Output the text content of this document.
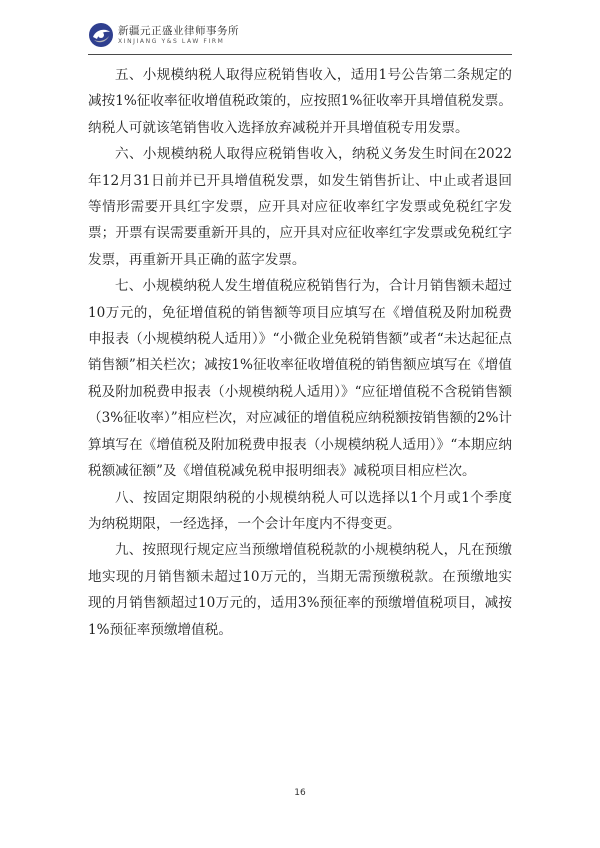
新疆元正盛业律师事务所
XINJIANG Y&S LAW FIRM

五、小规模纳税人取得应税销售收入，适用1号公告第二条规定的减按1%征收率征收增值税政策的，应按照1%征收率开具增值税发票。纳税人可就该笔销售收入选择放弃减税并开具增值税专用发票。

六、小规模纳税人取得应税销售收入，纳税义务发生时间在2022年12月31日前并已开具增值税发票，如发生销售折让、中止或者退回等情形需要开具红字发票，应开具对应征收率红字发票或免税红字发票；开票有误需要重新开具的，应开具对应征收率红字发票或免税红字发票，再重新开具正确的蓝字发票。

七、小规模纳税人发生增值税应税销售行为，合计月销售额未超过10万元的，免征增值税的销售额等项目应填写在《增值税及附加税费申报表（小规模纳税人适用）》“小微企业免税销售额”或者“未达起征点销售额”相关栏次；减按1%征收率征收增值税的销售额应填写在《增值税及附加税费申报表（小规模纳税人适用）》“应征增值税不含税销售额（3%征收率）”相应栏次，对应减征的增值税应纳税额按销售额的2%计算填写在《增值税及附加税费申报表（小规模纳税人适用）》“本期应纳税额减征额”及《增值税减免税申报明细表》减税项目相应栏次。

八、按固定期限纳税的小规模纳税人可以选择以1个月或1个季度为纳税期限，一经选择，一个会计年度内不得变更。

九、按照现行规定应当预缴增值税税款的小规模纳税人，凡在预缴地实现的月销售额未超过10万元的，当期无需预缴税款。在预缴地实现的月销售额超过10万元的，适用3%预征率的预缴增值税项目，减按1%预征率预缴增值税。

16
